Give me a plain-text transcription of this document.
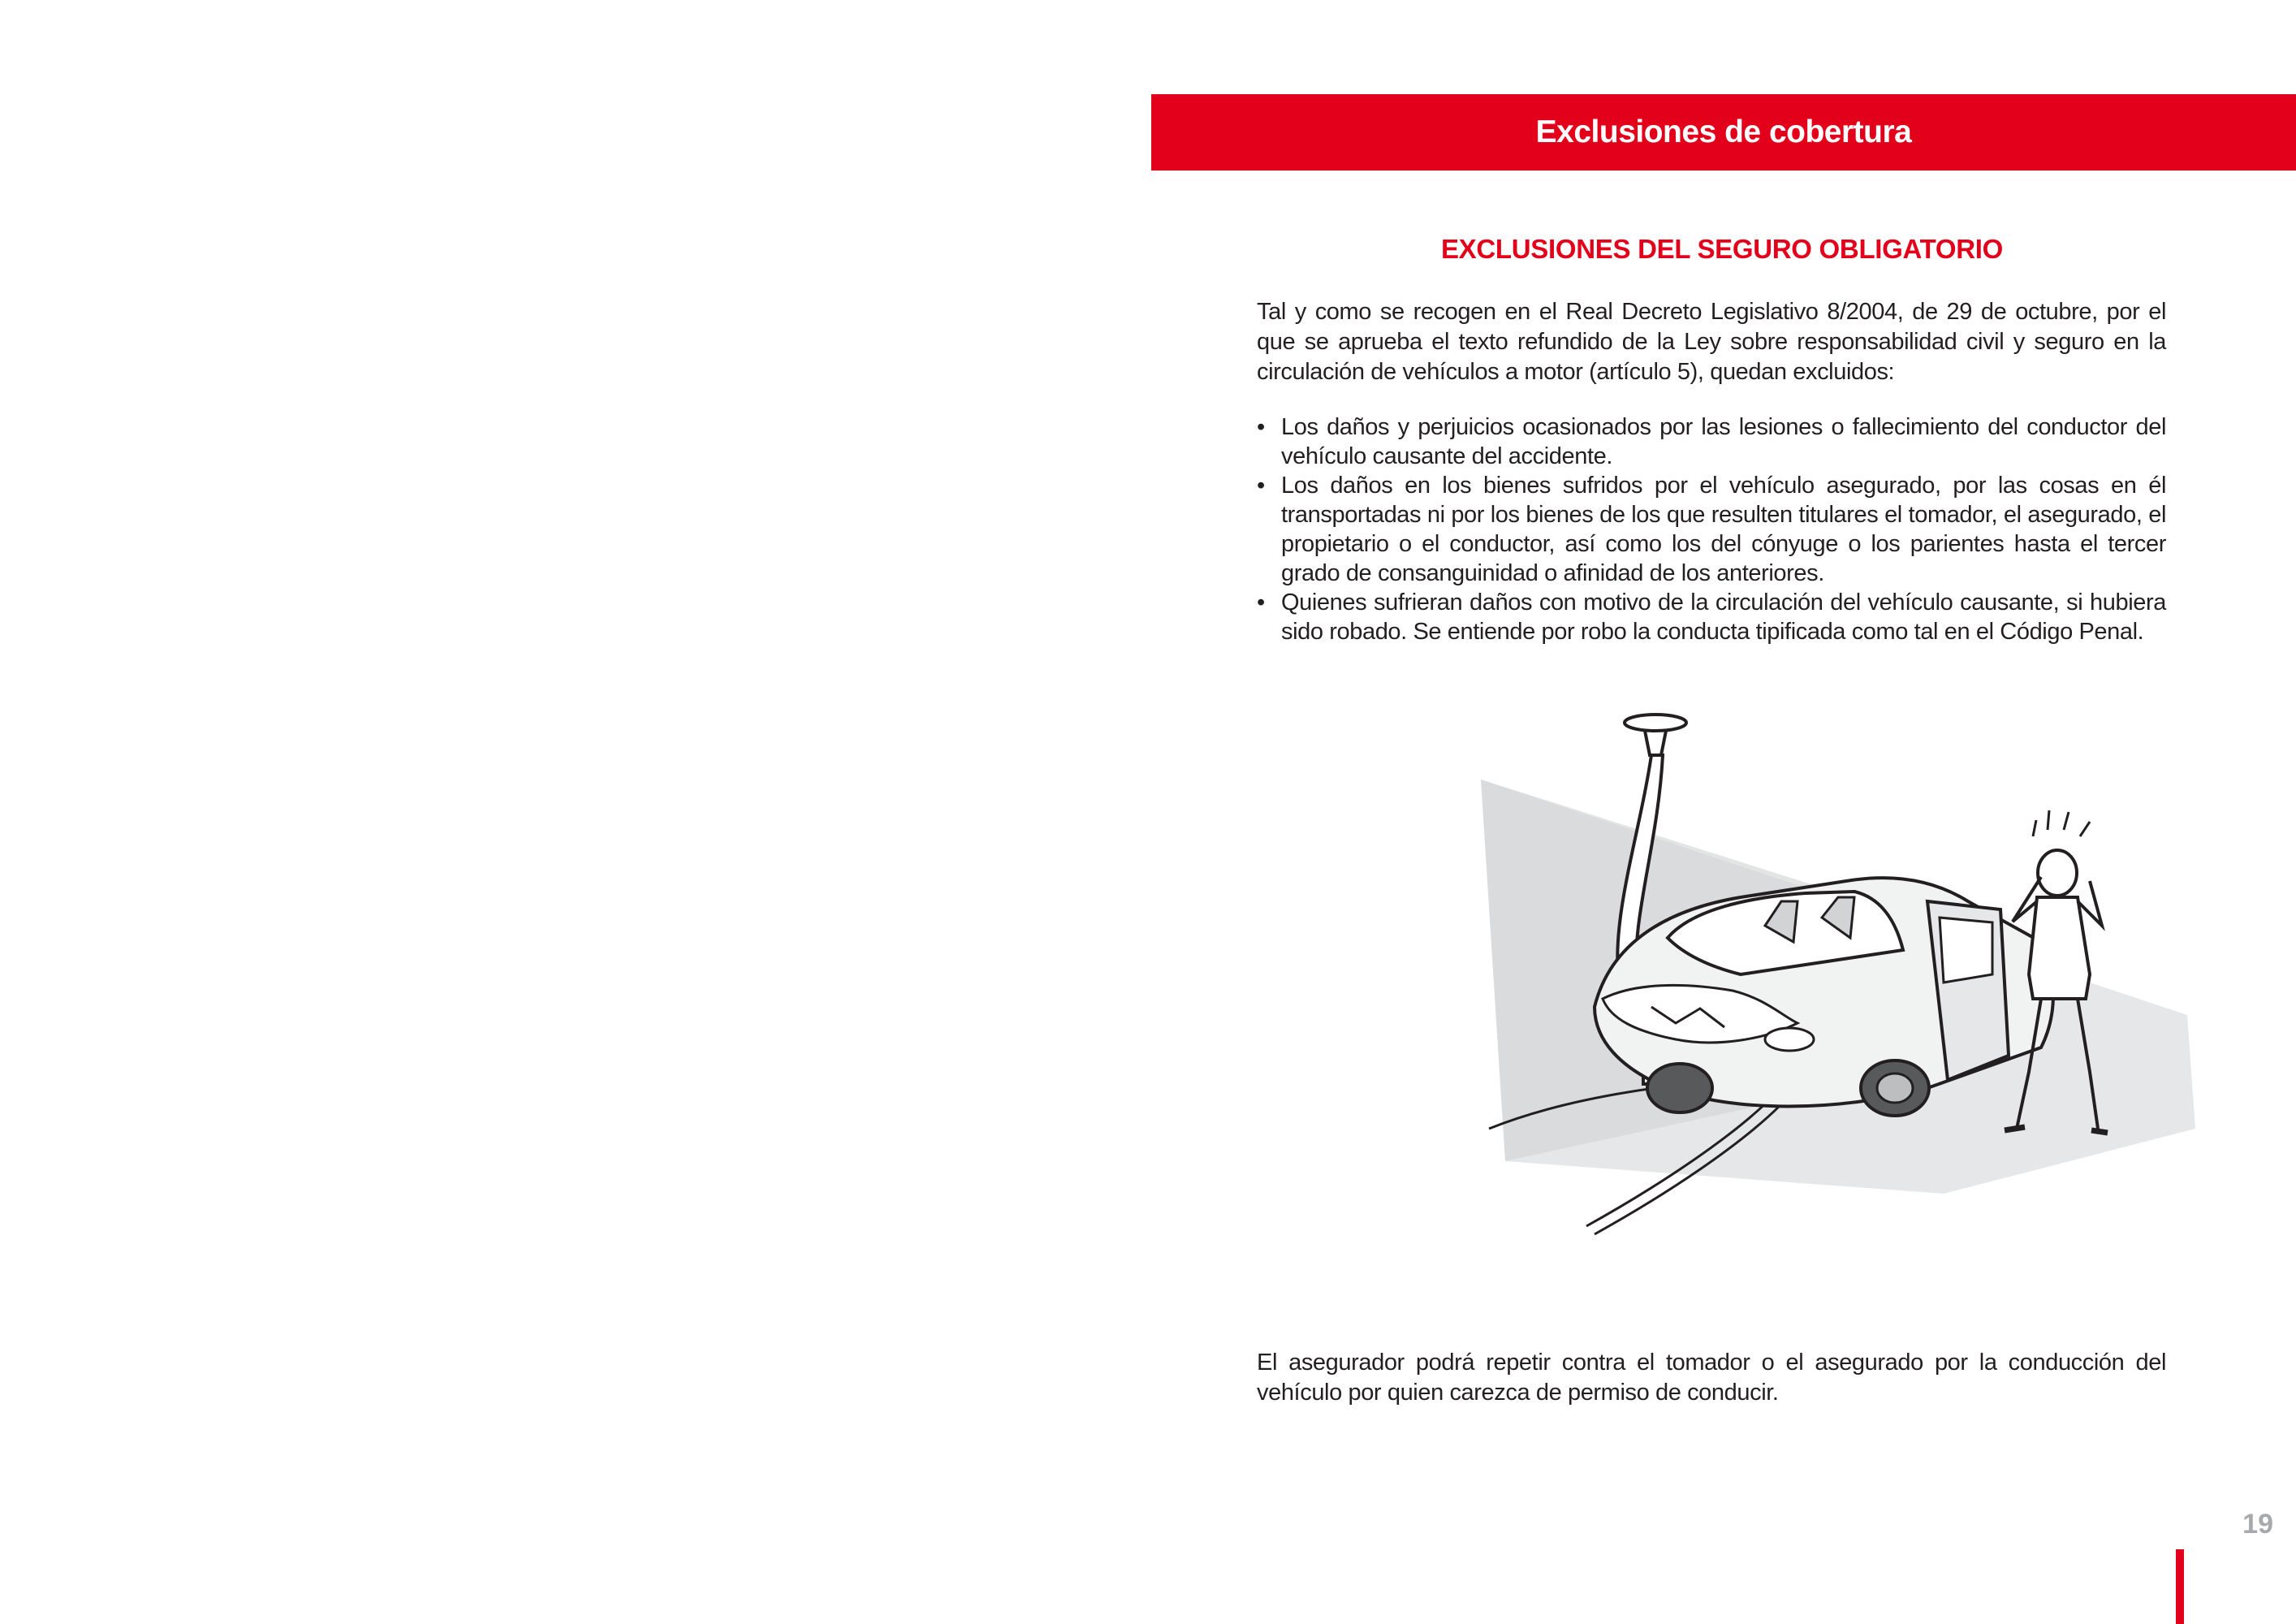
Exclusiones de cobertura
EXCLUSIONES DEL SEGURO OBLIGATORIO

Tal y como se recogen en el Real Decreto Legislativo 8/2004, de 29 de octubre, por el que se aprueba el texto refundido de la Ley sobre responsabilidad civil y seguro en la circulación de vehículos a motor (artículo 5), quedan excluidos:

• Los daños y perjuicios ocasionados por las lesiones o fallecimiento del conductor del vehículo causante del accidente.
• Los daños en los bienes sufridos por el vehículo asegurado, por las cosas en él transportadas ni por los bienes de los que resulten titulares el tomador, el asegurado, el propietario o el conductor, así como los del cónyuge o los parientes hasta el tercer grado de consanguinidad o afinidad de los anteriores.
• Quienes sufrieran daños con motivo de la circulación del vehículo causante, si hubiera sido robado. Se entiende por robo la conducta tipificada como tal en el Código Penal.

El asegurador podrá repetir contra el tomador o el asegurado por la conducción del vehículo por quien carezca de permiso de conducir.

19
